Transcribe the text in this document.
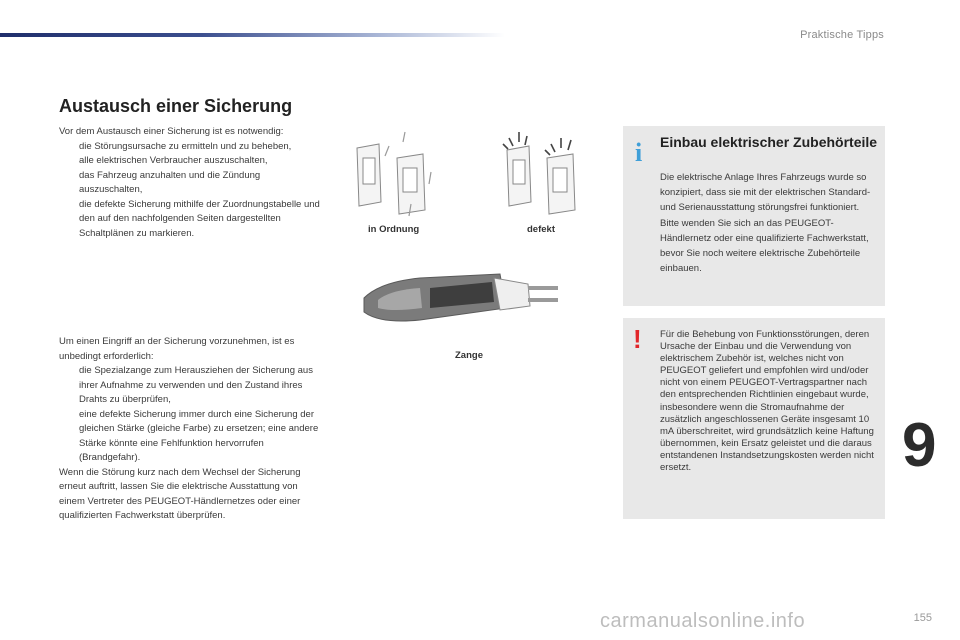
Praktische Tipps
Austausch einer Sicherung

Vor dem Austausch einer Sicherung ist es notwendig:

die Störungsursache zu ermitteln und zu beheben,
alle elektrischen Verbraucher auszuschalten,
das Fahrzeug anzuhalten und die Zündung auszuschalten,
die defekte Sicherung mithilfe der Zuordnungstabelle und den auf den nachfolgenden Seiten dargestellten Schaltplänen zu markieren.

Um einen Eingriff an der Sicherung vorzunehmen, ist es unbedingt erforderlich:

die Spezialzange zum Herausziehen der Sicherung aus ihrer Aufnahme zu verwenden und den Zustand ihres Drahts zu überprüfen,
eine defekte Sicherung immer durch eine Sicherung der gleichen Stärke (gleiche Farbe) zu ersetzen; eine andere Stärke könnte eine Fehlfunktion hervorrufen (Brandgefahr).

Wenn die Störung kurz nach dem Wechsel der Sicherung erneut auftritt, lassen Sie die elektrische Ausstattung von einem Vertreter des PEUGEOT-Händlernetzes oder einer qualifizierten Fachwerkstatt überprüfen.

in Ordnung	defekt
Zange
i Einbau elektrischer Zubehörteile
Die elektrische Anlage Ihres Fahrzeugs wurde so konzipiert, dass sie mit der elektrischen Standard- und Serienausstattung störungsfrei funktioniert. Bitte wenden Sie sich an das PEUGEOT-Händlernetz oder eine qualifizierte Fachwerkstatt, bevor Sie noch weitere elektrische Zubehörteile einbauen.
! Für die Behebung von Funktionsstörungen, deren Ursache der Einbau und die Verwendung von elektrischem Zubehör ist, welches nicht von PEUGEOT geliefert und empfohlen wird und/oder nicht von einem PEUGEOT-Vertragspartner nach den entsprechenden Richtlinien eingebaut wurde, insbesondere wenn die Stromaufnahme der zusätzlich angeschlossenen Geräte insgesamt 10 mA überschreitet, wird grundsätzlich keine Haftung übernommen, kein Ersatz geleistet und die daraus entstandenen Instandsetzungskosten werden nicht ersetzt.	9
155
carmanualsonline.info
